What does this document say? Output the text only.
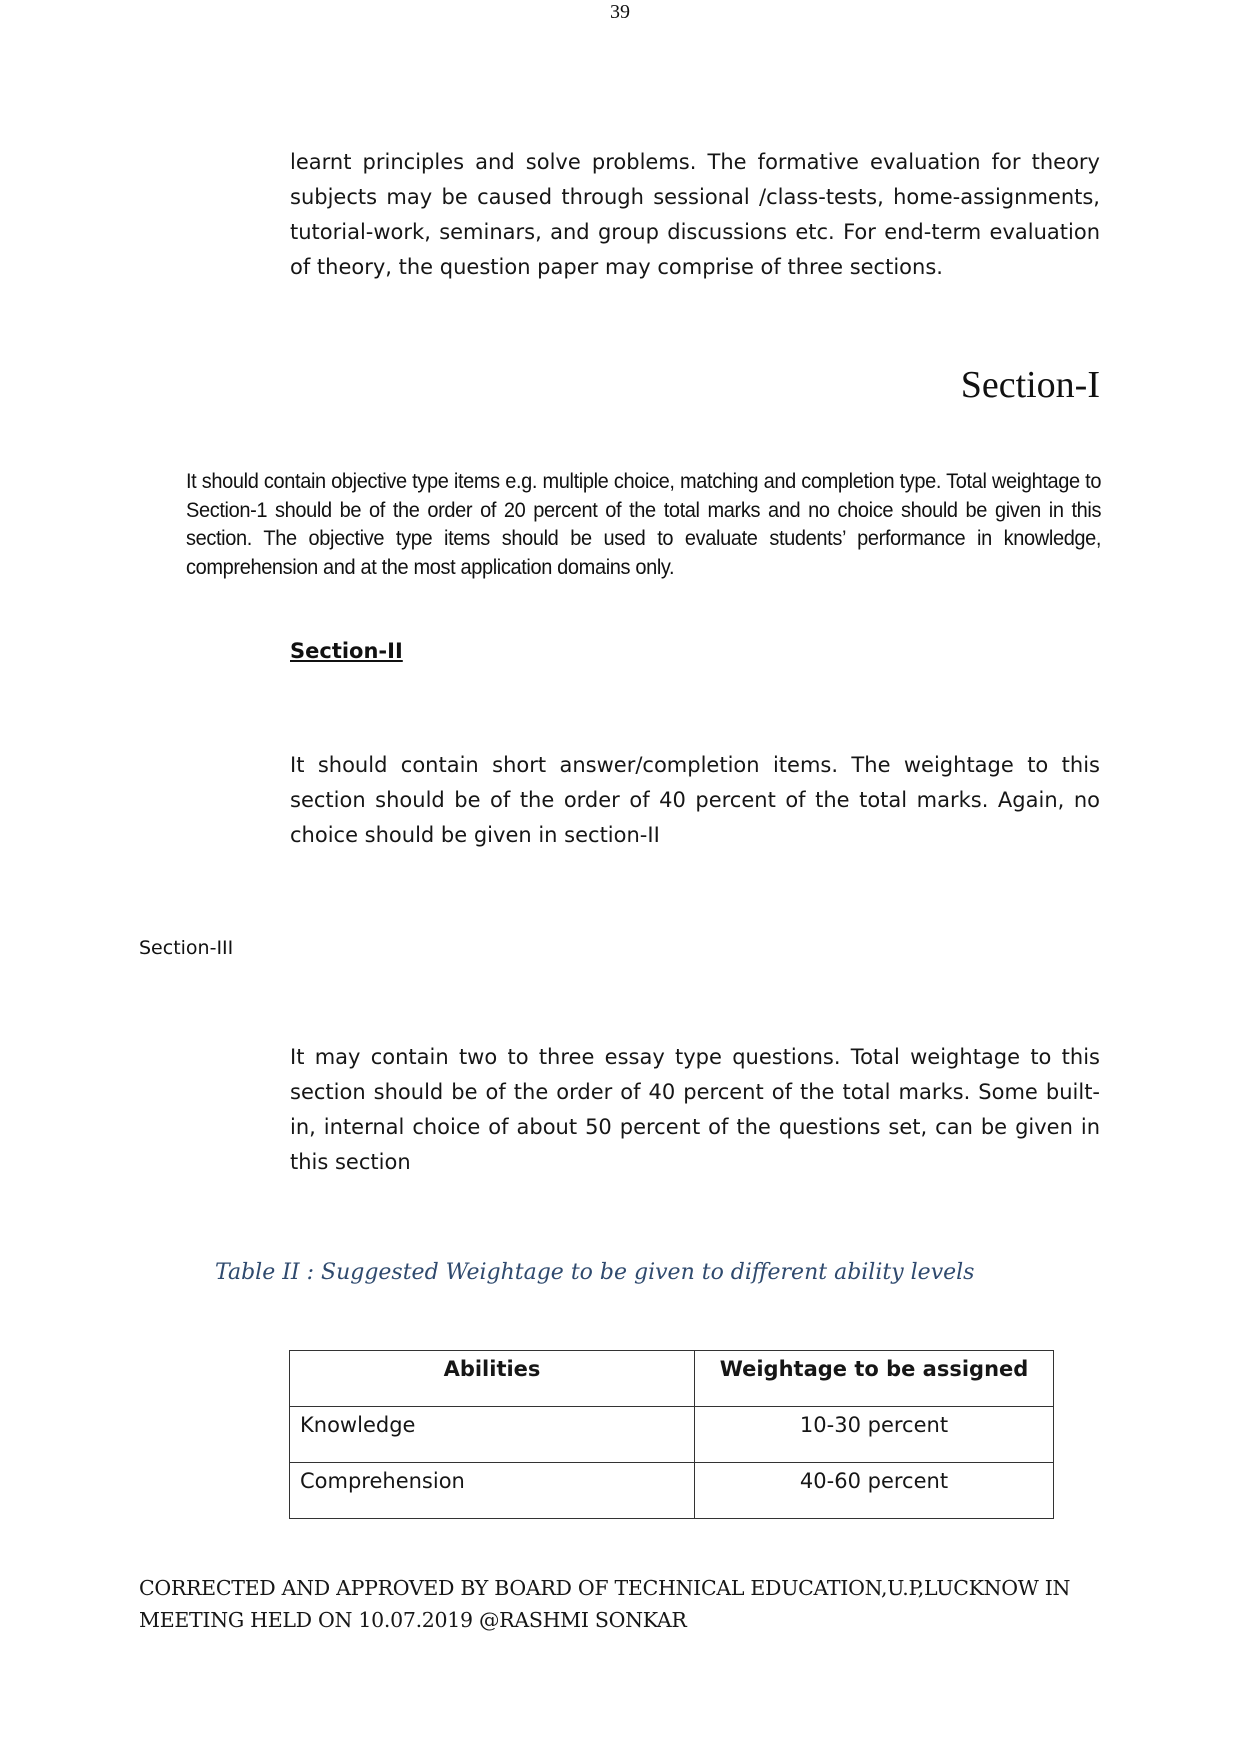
39

learnt principles and solve problems. The formative evaluation for theory subjects may be caused through sessional /class-tests, home-assignments, tutorial-work, seminars, and group discussions etc. For end-term evaluation of theory, the question paper may comprise of three sections.

Section-I

It should contain objective type items e.g. multiple choice, matching and completion type. Total weightage to Section-1 should be of the order of 20 percent of the total marks and no choice should be given in this section. The objective type items should be used to evaluate students’ performance in knowledge, comprehension and at the most application domains only.

Section-II

It should contain short answer/completion items. The weightage to this section should be of the order of 40 percent of the total marks. Again, no choice should be given in section-II

Section-III

It may contain two to three essay type questions. Total weightage to this section should be of the order of 40 percent of the total marks. Some built-in, internal choice of about 50 percent of the questions set, can be given in this section

Table II : Suggested Weightage to be given to different ability levels
Abilities	Weightage to be assigned
Knowledge	10-30 percent
Comprehension	40-60 percent
CORRECTED AND APPROVED BY BOARD OF TECHNICAL EDUCATION,U.P,LUCKNOW IN
MEETING HELD ON 10.07.2019 @RASHMI SONKAR
